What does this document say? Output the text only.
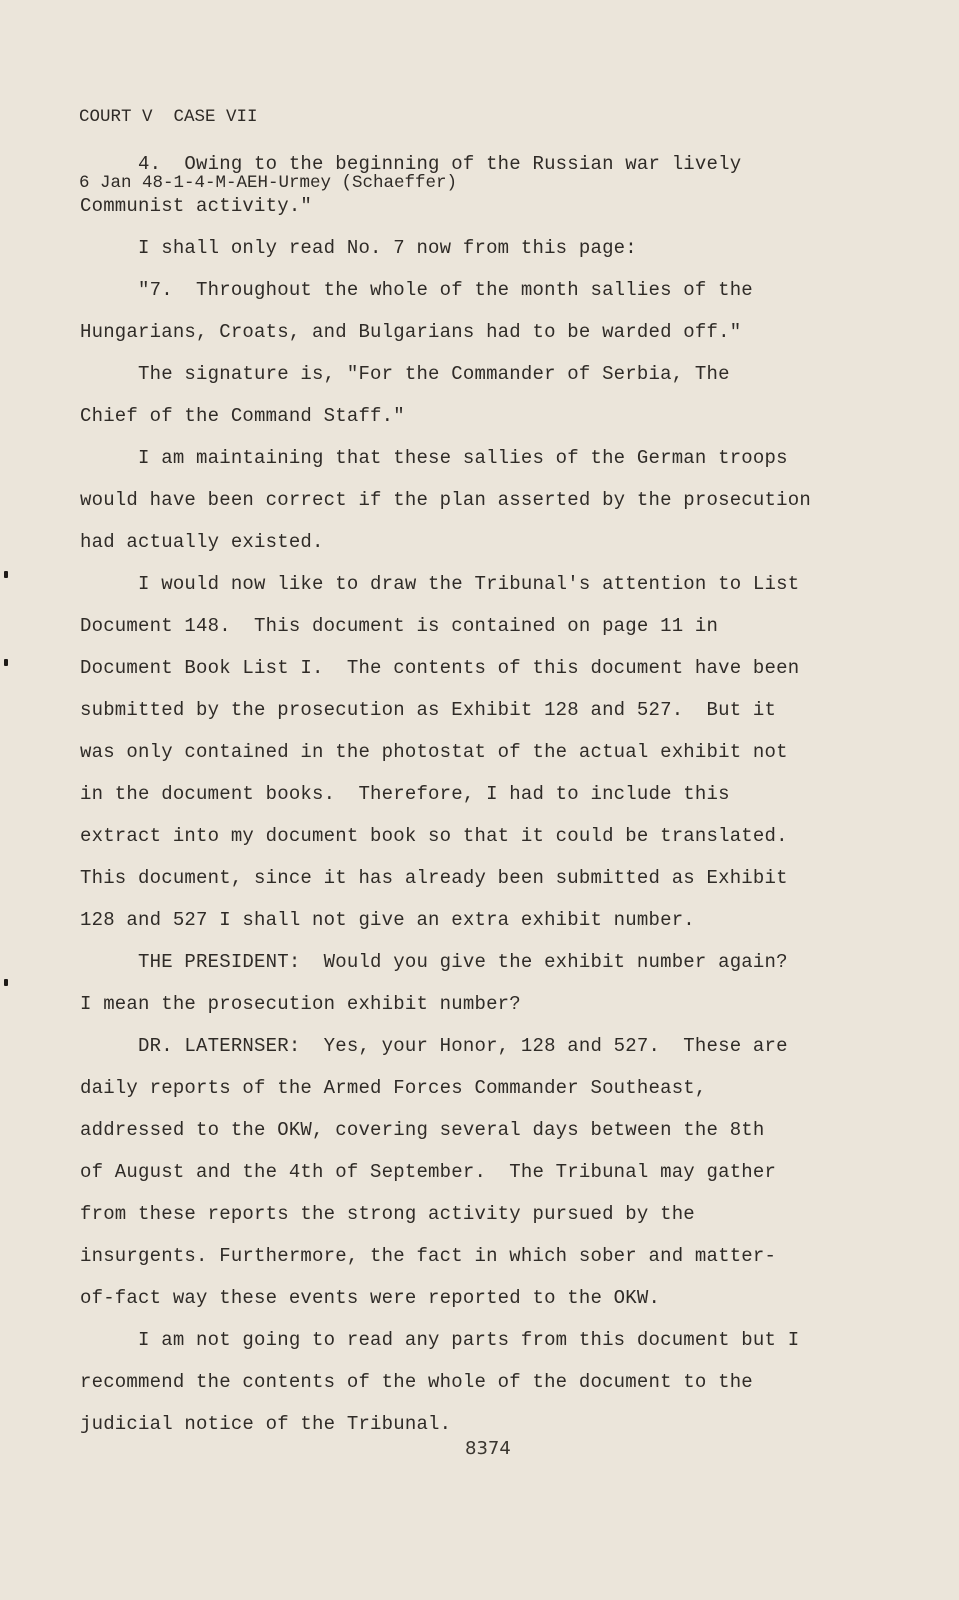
COURT V  CASE VII

6 Jan 48-1-4-M-AEH-Urmey (Schaeffer)

4.  Owing to the beginning of the Russian war lively
Communist activity."
I shall only read No. 7 now from this page:
"7.  Throughout the whole of the month sallies of the
Hungarians, Croats, and Bulgarians had to be warded off."
The signature is, "For the Commander of Serbia, The
Chief of the Command Staff."
I am maintaining that these sallies of the German troops
would have been correct if the plan asserted by the prosecution
had actually existed.
I would now like to draw the Tribunal's attention to List
Document 148.  This document is contained on page 11 in
Document Book List I.  The contents of this document have been
submitted by the prosecution as Exhibit 128 and 527.  But it
was only contained in the photostat of the actual exhibit not
in the document books.  Therefore, I had to include this
extract into my document book so that it could be translated.
This document, since it has already been submitted as Exhibit
128 and 527 I shall not give an extra exhibit number.
THE PRESIDENT:  Would you give the exhibit number again?
I mean the prosecution exhibit number?
DR. LATERNSER:  Yes, your Honor, 128 and 527.  These are
daily reports of the Armed Forces Commander Southeast,
addressed to the OKW, covering several days between the 8th
of August and the 4th of September.  The Tribunal may gather
from these reports the strong activity pursued by the
insurgents. Furthermore, the fact in which sober and matter-
of-fact way these events were reported to the OKW.
I am not going to read any parts from this document but I
recommend the contents of the whole of the document to the
judicial notice of the Tribunal.
8374
